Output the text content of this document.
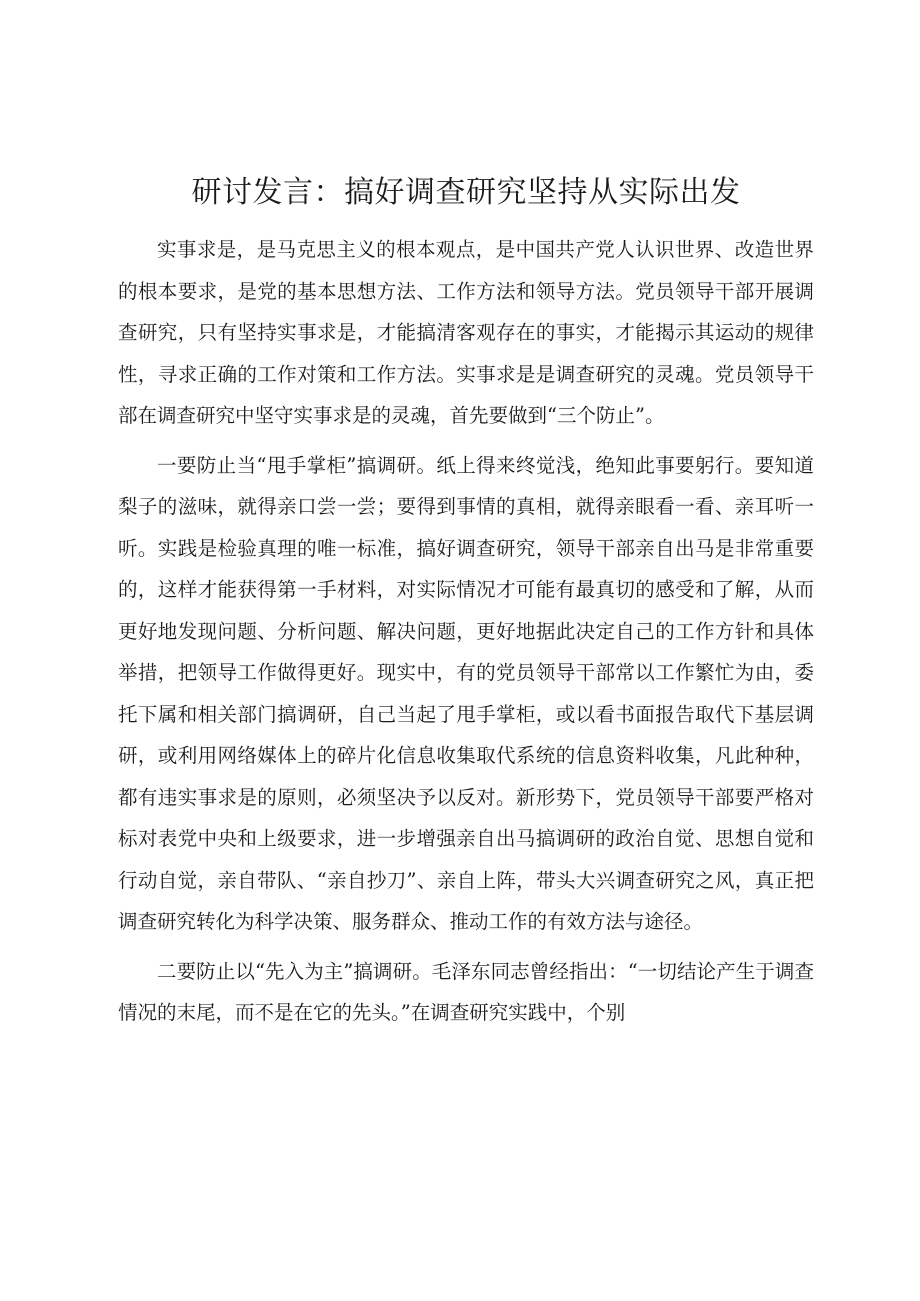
研讨发言：搞好调查研究坚持从实际出发

实事求是，是马克思主义的根本观点，是中国共产党人认识世界、改造世界的根本要求，是党的基本思想方法、工作方法和领导方法。党员领导干部开展调查研究，只有坚持实事求是，才能搞清客观存在的事实，才能揭示其运动的规律性，寻求正确的工作对策和工作方法。实事求是是调查研究的灵魂。党员领导干部在调查研究中坚守实事求是的灵魂，首先要做到“三个防止”。

一要防止当“甩手掌柜”搞调研。纸上得来终觉浅，绝知此事要躬行。要知道梨子的滋味，就得亲口尝一尝；要得到事情的真相，就得亲眼看一看、亲耳听一听。实践是检验真理的唯一标准，搞好调查研究，领导干部亲自出马是非常重要的，这样才能获得第一手材料，对实际情况才可能有最真切的感受和了解，从而更好地发现问题、分析问题、解决问题，更好地据此决定自己的工作方针和具体举措，把领导工作做得更好。现实中，有的党员领导干部常以工作繁忙为由，委托下属和相关部门搞调研，自己当起了甩手掌柜，或以看书面报告取代下基层调研，或利用网络媒体上的碎片化信息收集取代系统的信息资料收集，凡此种种，都有违实事求是的原则，必须坚决予以反对。新形势下，党员领导干部要严格对标对表党中央和上级要求，进一步增强亲自出马搞调研的政治自觉、思想自觉和行动自觉，亲自带队、“亲自抄刀”、亲自上阵，带头大兴调查研究之风，真正把调查研究转化为科学决策、服务群众、推动工作的有效方法与途径。

二要防止以“先入为主”搞调研。毛泽东同志曾经指出：“一切结论产生于调查情况的末尾，而不是在它的先头。”在调查研究实践中，个别
